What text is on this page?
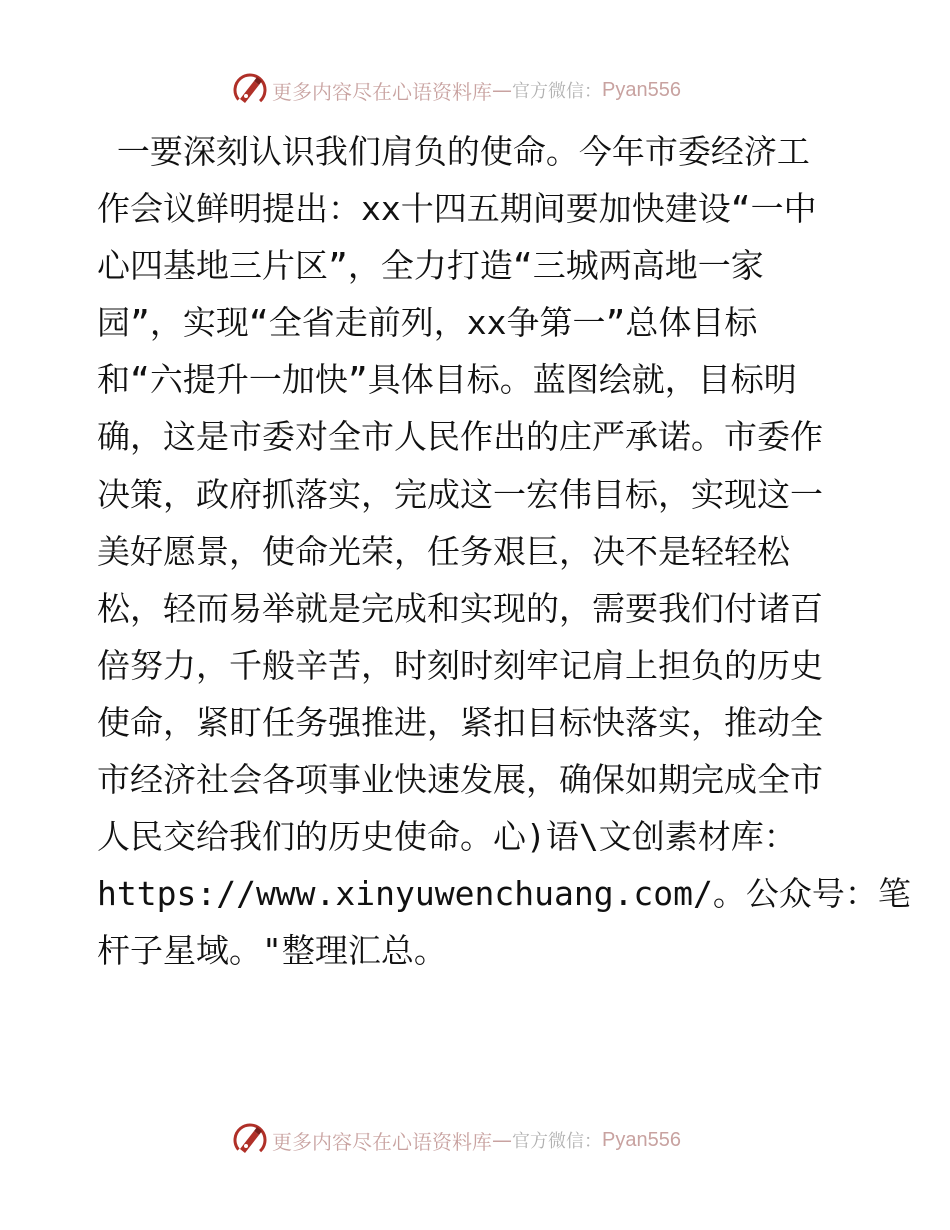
更多内容尽在心语资料库 — 官方微信： Pyan556
一要深刻认识我们肩负的使命。今年市委经济工
作会议鲜明提出：xx十四五期间要加快建设“一中
心四基地三片区”，全力打造“三城两高地一家
园”，实现“全省走前列，xx争第一”总体目标
和“六提升一加快”具体目标。蓝图绘就，目标明
确，这是市委对全市人民作出的庄严承诺。市委作
决策，政府抓落实，完成这一宏伟目标，实现这一
美好愿景，使命光荣，任务艰巨，决不是轻轻松
松，轻而易举就是完成和实现的，需要我们付诸百
倍努力，千般辛苦，时刻时刻牢记肩上担负的历史
使命，紧盯任务强推进，紧扣目标快落实，推动全
市经济社会各项事业快速发展，确保如期完成全市
人民交给我们的历史使命。心)语\文创素材库：
https://www.xinyuwenchuang.com/。公众号：笔
杆子星域。"整理汇总。
更多内容尽在心语资料库 — 官方微信： Pyan556
